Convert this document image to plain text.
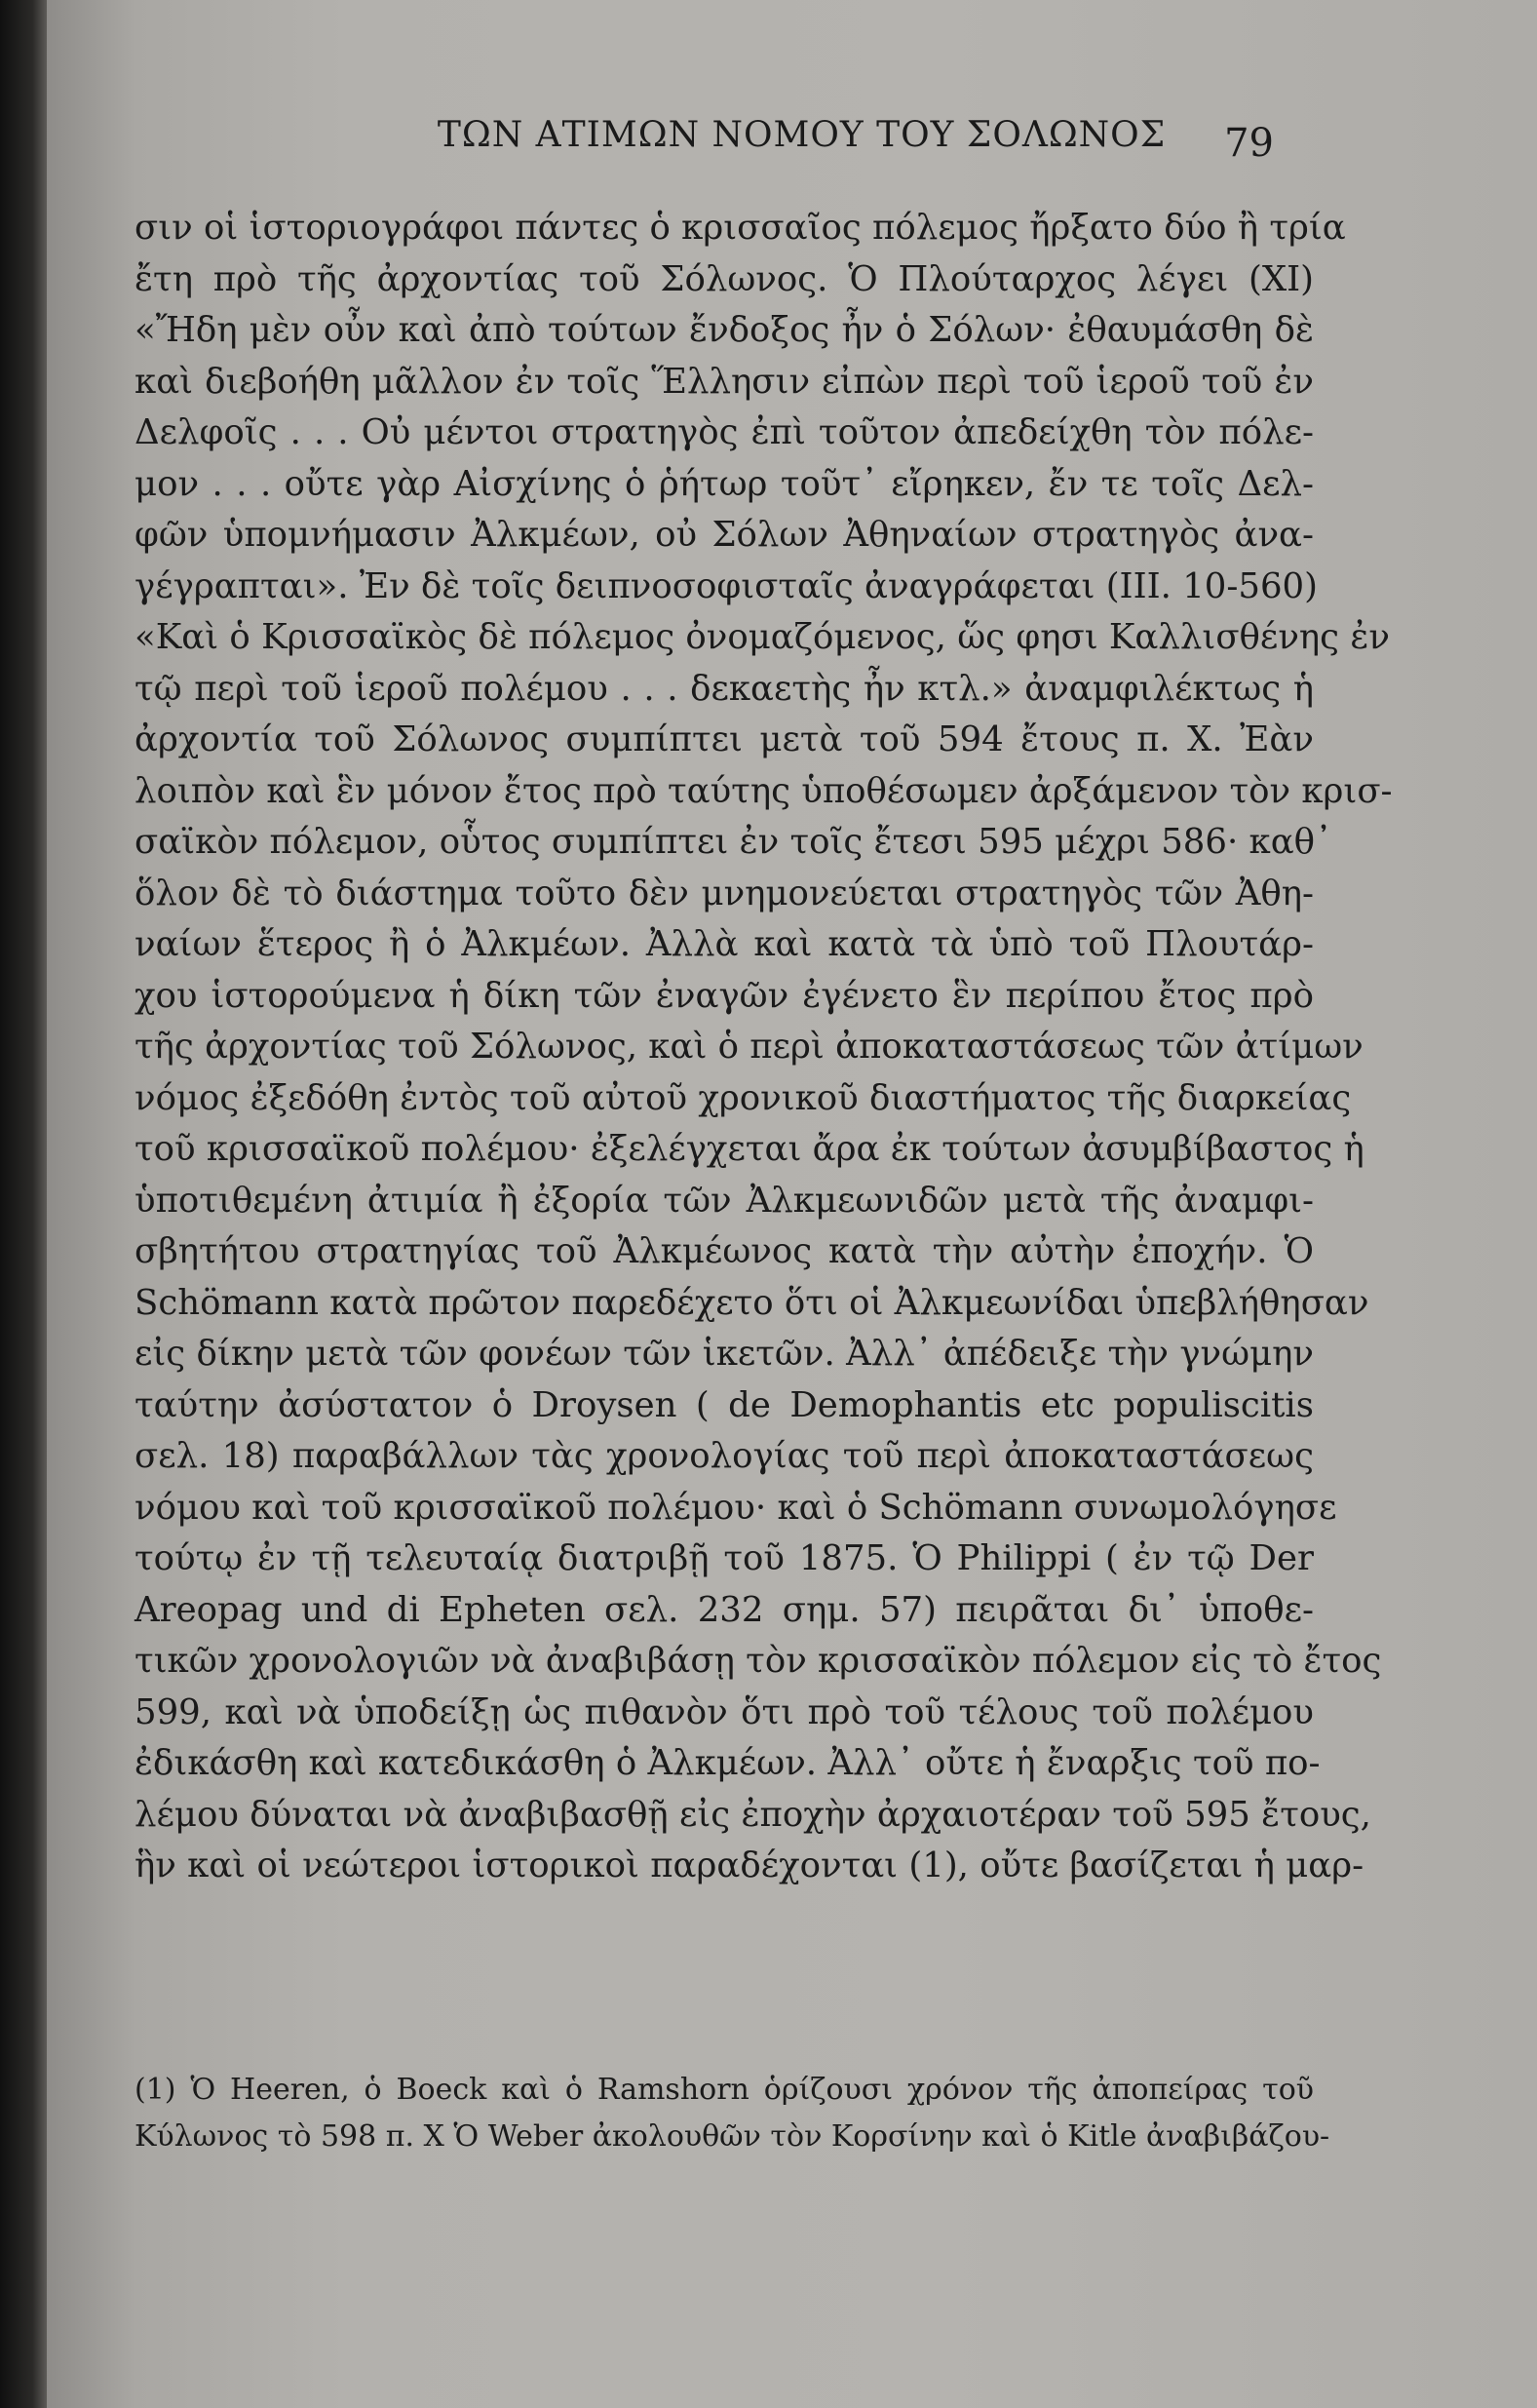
ΤΩΝ ΑΤΙΜΩΝ ΝΟΜΟΥ ΤΟΥ ΣΟΛΩΝΟΣ	79
σιν οἱ ἱστοριογράφοι πάντες ὁ κρισσαῖος πόλεμος ἤρξατο δύο ἢ τρία
ἔτη πρὸ τῆς ἀρχοντίας τοῦ Σόλωνος. Ὁ Πλούταρχος λέγει (ΧΙ)
«Ἤδη μὲν οὖν καὶ ἀπὸ τούτων ἔνδοξος ἦν ὁ Σόλων· ἐθαυμάσθη δὲ
καὶ διεβοήθη μᾶλλον ἐν τοῖς Ἕλλησιν εἰπὼν περὶ τοῦ ἱεροῦ τοῦ ἐν
Δελφοῖς . . . Οὐ μέντοι στρατηγὸς ἐπὶ τοῦτον ἀπεδείχθη τὸν πόλε-
μον . . . οὔτε γὰρ Αἰσχίνης ὁ ῥήτωρ τοῦτ᾽ εἴρηκεν, ἔν τε τοῖς Δελ-
φῶν ὑπομνήμασιν Ἀλκμέων, οὐ Σόλων Ἀθηναίων στρατηγὸς ἀνα-
γέγραπται». Ἐν δὲ τοῖς δειπνοσοφισταῖς ἀναγράφεται (III. 10-560)
«Καὶ ὁ Κρισσαϊκὸς δὲ πόλεμος ὀνομαζόμενος, ὥς φησι Καλλισθένης ἐν
τῷ περὶ τοῦ ἱεροῦ πολέμου . . . δεκαετὴς ἦν κτλ.» ἀναμφιλέκτως ἡ
ἀρχοντία τοῦ Σόλωνος συμπίπτει μετὰ τοῦ 594 ἔτους π. Χ. Ἐὰν
λοιπὸν καὶ ἓν μόνον ἔτος πρὸ ταύτης ὑποθέσωμεν ἀρξάμενον τὸν κρισ-
σαϊκὸν πόλεμον, οὗτος συμπίπτει ἐν τοῖς ἔτεσι 595 μέχρι 586· καθ᾽
ὅλον δὲ τὸ διάστημα τοῦτο δὲν μνημονεύεται στρατηγὸς τῶν Ἀθη-
ναίων ἕτερος ἢ ὁ Ἀλκμέων. Ἀλλὰ καὶ κατὰ τὰ ὑπὸ τοῦ Πλουτάρ-
χου ἱστορούμενα ἡ δίκη τῶν ἐναγῶν ἐγένετο ἓν περίπου ἔτος πρὸ
τῆς ἀρχοντίας τοῦ Σόλωνος, καὶ ὁ περὶ ἀποκαταστάσεως τῶν ἀτίμων
νόμος ἐξεδόθη ἐντὸς τοῦ αὐτοῦ χρονικοῦ διαστήματος τῆς διαρκείας
τοῦ κρισσαϊκοῦ πολέμου· ἐξελέγχεται ἄρα ἐκ τούτων ἀσυμβίβαστος ἡ
ὑποτιθεμένη ἀτιμία ἢ ἐξορία τῶν Ἀλκμεωνιδῶν μετὰ τῆς ἀναμφι-
σβητήτου στρατηγίας τοῦ Ἀλκμέωνος κατὰ τὴν αὐτὴν ἐποχήν. Ὁ
Schömann κατὰ πρῶτον παρεδέχετο ὅτι οἱ Ἀλκμεωνίδαι ὑπεβλήθησαν
εἰς δίκην μετὰ τῶν φονέων τῶν ἱκετῶν. Ἀλλ᾽ ἀπέδειξε τὴν γνώμην
ταύτην ἀσύστατον ὁ Droysen ( de Demophantis etc populiscitis
σελ. 18) παραβάλλων τὰς χρονολογίας τοῦ περὶ ἀποκαταστάσεως
νόμου καὶ τοῦ κρισσαϊκοῦ πολέμου· καὶ ὁ Schömann συνωμολόγησε
τούτῳ ἐν τῇ τελευταίᾳ διατριβῇ τοῦ 1875. Ὁ Philippi ( ἐν τῷ Der
Areopag und di Epheten σελ. 232 σημ. 57) πειρᾶται δι᾽ ὑποθε-
τικῶν χρονολογιῶν νὰ ἀναβιβάσῃ τὸν κρισσαϊκὸν πόλεμον εἰς τὸ ἔτος
599, καὶ νὰ ὑποδείξῃ ὡς πιθανὸν ὅτι πρὸ τοῦ τέλους τοῦ πολέμου
ἐδικάσθη καὶ κατεδικάσθη ὁ Ἀλκμέων. Ἀλλ᾽ οὔτε ἡ ἔναρξις τοῦ πο-
λέμου δύναται νὰ ἀναβιβασθῇ εἰς ἐποχὴν ἀρχαιοτέραν τοῦ 595 ἔτους,
ἣν καὶ οἱ νεώτεροι ἱστορικοὶ παραδέχονται (1), οὔτε βασίζεται ἡ μαρ-
(1) Ὁ Heeren, ὁ Boeck καὶ ὁ Ramshorn ὁρίζουσι χρόνον τῆς ἀποπείρας τοῦ
Κύλωνος τὸ 598 π. Χ Ὁ Weber ἀκολουθῶν τὸν Κορσίνην καὶ ὁ Kitle ἀναβιβάζου-
